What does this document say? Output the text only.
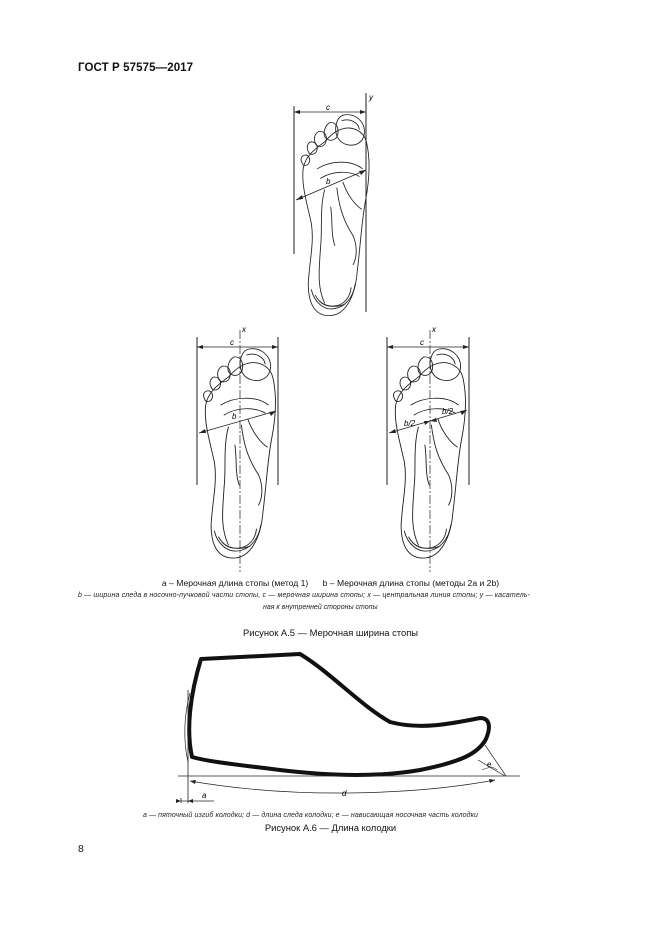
ГОСТ Р 57575—2017
c
b
y
c
b
x
c
b/2
b/2
x
a	d
e
a – Мерочная длина стопы (метод 1)      b – Мерочная длина стопы (методы 2a и 2b)
b — ширина следа в носочно-пучковой части стопы, c — мерочная ширина стопы; x — центральная линия стопы; y — касатель-
ная к внутренней стороны стопы
Рисунок А.5 — Мерочная ширина стопы
a — пяточный изгиб колодки; d — длина следа колодки; e — нависающая носочная часть колодки
Рисунок А.6 — Длина колодки
8
